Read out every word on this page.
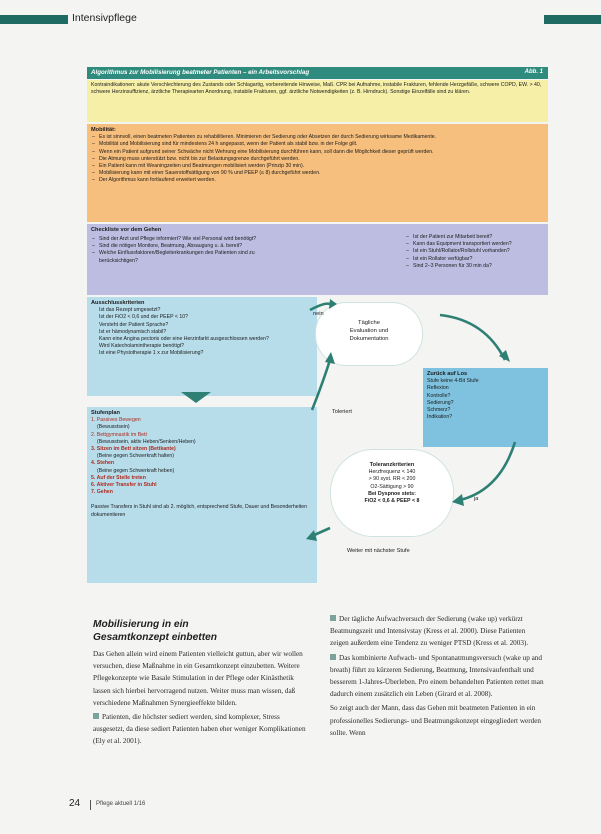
Intensivpflege
Algorithmus zur Mobilisierung beatmeter Patienten – ein Arbeitsvorschlag	Abb. 1
Kontraindikationen: akute Verschlechterung des Zustands oder Schlagartig, vorbereitende Hinweise, Maß. CPR bei Aufnahme, instabile Frakturen, fehlende Herzgefäße, schwere COPD, EW. > 40, schwere Herzinsuffizienz, ärztliche Therapiearten Anordnung, instabile Frakturen, ggf. ärztliche Notwendigkeiten (z. B. Hirndruck). Sonstige Einzelfälle sind zu klären.
Mobilität:
– Es ist sinnvoll, einen beatmeten Patienten zu rehabilitieren. Minimieren der Sedierung oder Absetzen der durch Sedierung wirksame Medikamente.
– Mobilität und Mobilisierung sind für mindestens 24 h angepasst, wenn der Patient als stabil bzw. in der Folge gilt.
– Wenn ein Patient aufgrund seiner Schwäche nicht Wehrung eine Mobilisierung durchführen kann, soll dann die Möglichkeit dieser geprüft werden.
– Die Atmung muss unterstützt bzw. nicht bis zur Belastungsgrenze durchgeführt werden.
– Ein Patient kann mit Weaningzeiten und Beatmungen mobilisiert werden (Prinzip 30 min).
– Mobilisierung kann mit einer Sauerstoffsättigung von 90 % und PEEP (≤ 8) durchgeführt werden.
– Der Algorithmus kann fortlaufend erweitert werden.
Checkliste vor dem Gehen
– Sind der Arzt und Pflege informiert? Wie viel Personal wird benötigt?
– Sind die nötigen Monitore, Beatmung, Absaugung u. ä. bereit?
– Welche Einflussfaktoren/Begleiterkrankungen des Patienten sind zu berücksichtigen?
– Ist der Patient zur Mitarbeit bereit?
– Kann das Equipment transportiert werden?
– Ist ein Stuhl/Rollator/Rollstuhl vorhanden?
– Ist ein Rollator verfügbar?
– Sind 2–3 Personen für 30 min da?
Ausschlusskriterien
Ist das Rezept umgesetzt?
Ist der FiO2 < 0,6 und der PEEP < 10?
Versteht der Patient Sprache?
Ist er hämodynamisch stabil?
Kann eine Angina pectoris oder eine Herzinfarkt ausgeschlossen werden?
Wird Katecholamintherapie benötigt?
Ist eine Physiotherapie 1 x zur Mobilisierung?
Stufenplan
1. Passives Bewegen
(Bewusstsein)
2. Bettgymnastik im Bett
(Bewusstsein, aktiv Heben/Senken/Heben)
3. Sitzen im Bett sitzen (Bettkante)
(Beine gegen Schwerkraft halten)
4. Stehen
(Beine gegen Schwerkraft heben)
5. Auf der Stelle treten
6. Aktiver Transfer in Stuhl
7. Gehen
Passive Transfers in Stuhl sind ab 2. möglich, entsprechend Stufe, Dauer und Besonderheiten dokumentieren
Tägliche
Evaluation und
Dokumentation
Zurück auf Los
Stufe keine 4-Bit Stufe
Reflexion
Kontrolle?
Sedierung?
Schmerz?
Indikation?
Toleranzkriterien
Herzfrequenz < 140
> 90 syst. RR < 200
O2-Sättigung > 90
Bei Dyspnoe stets:
FiO2 < 0,6 & PEEP < 8
nein
Toleriert
ja
Weiter mit nächster Stufe
Mobilisierung in ein
Gesamtkonzept einbetten

Das Gehen allein wird einem Patienten vielleicht guttun, aber wir wollen versuchen, diese Maßnahme in ein Gesamtkonzept einzubetten. Weitere Pflegekonzepte wie Basale Stimulation in der Pflege oder Kinästhetik lassen sich hierbei hervorragend nutzen. Weiter muss man wissen, daß verschiedene Maßnahmen Synergieeffekte bilden.

Patienten, die höchster sediert werden, sind komplexer, Stress ausgesetzt, da diese sediert Patienten haben eher weniger Komplikationen (Ely et al. 2001).

Der tägliche Aufwachversuch der Sedierung (wake up) verkürzt Beatmungszeit und Intensivstay (Kress et al. 2000). Diese Patienten zeigen außerdem eine Tendenz zu weniger PTSD (Kress et al. 2003).

Das kombinierte Aufwach- und Spontanatmungsversuch (wake up and breath) führt zu kürzeren Sedierung, Beatmung, Intensivaufenthalt und besserem 1-Jahres-Überleben. Pro einem behandelten Patienten rettet man dadurch einem zusätzlich ein Leben (Girard et al. 2008).

So zeigt auch der Mann, dass das Gehen mit beatmeten Patienten in ein professionelles Sedierungs- und Beatmungskonzept eingegliedert werden sollte. Wenn

24	Pflege aktuell 1/16
